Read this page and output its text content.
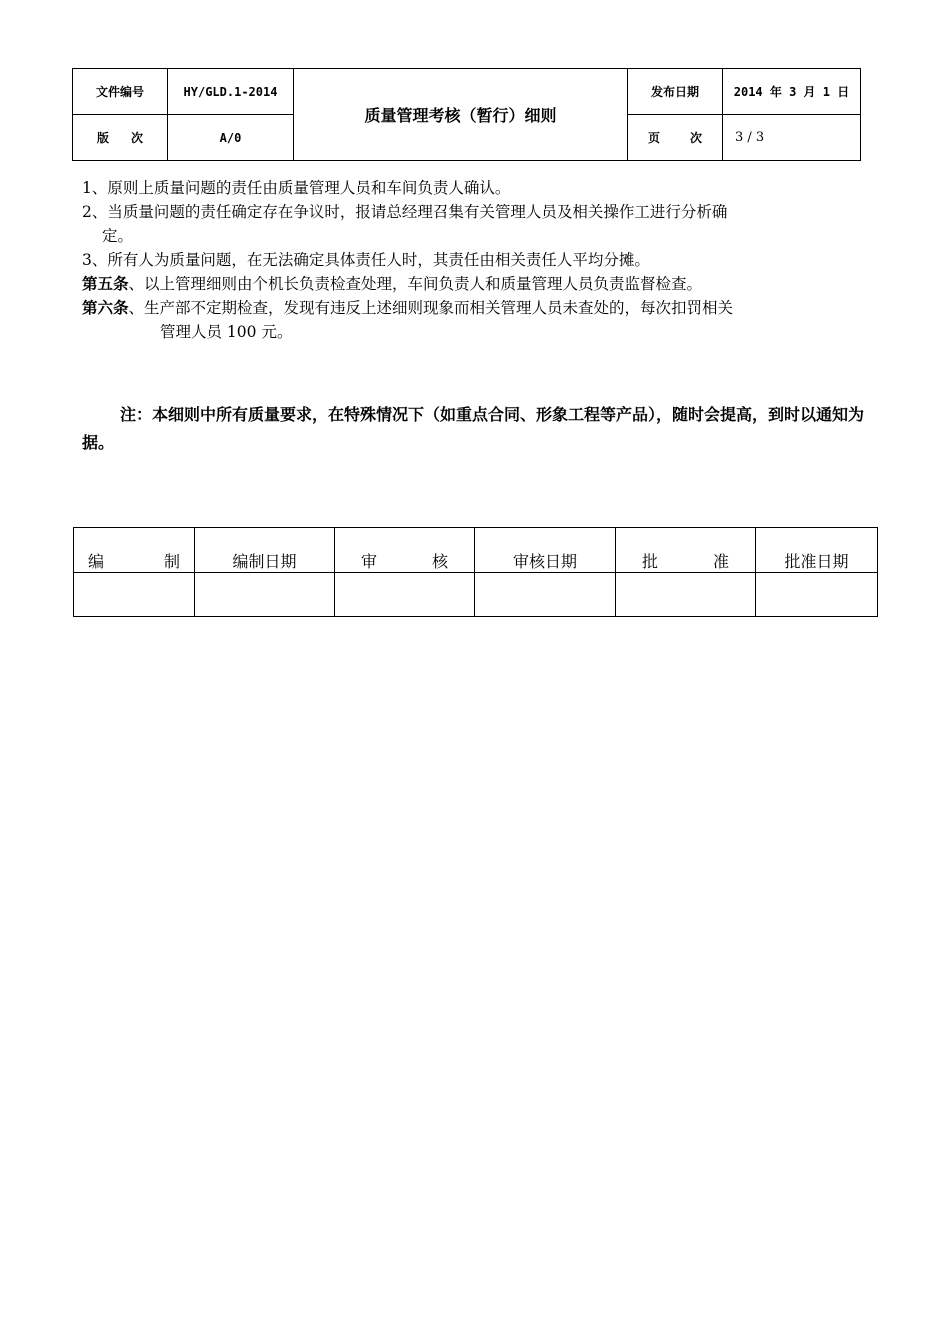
文件编号	HY/GLD.1-2014	质量管理考核（暂行）细则	发布日期	2014 年 3 月 1 日
版 次	A/0		页 次	3 / 3

1、原则上质量问题的责任由质量管理人员和车间负责人确认。

2、当质量问题的责任确定存在争议时，报请总经理召集有关管理人员及相关操作工进行分析确

定。

3、所有人为质量问题，在无法确定具体责任人时，其责任由相关责任人平均分摊。

第五条、以上管理细则由个机长负责检查处理，车间负责人和质量管理人员负责监督检查。

第六条、生产部不定期检查，发现有违反上述细则现象而相关管理人员未查处的，每次扣罚相关

管理人员 100 元。

注：本细则中所有质量要求，在特殊情况下（如重点合同、形象工程等产品），随时会提高，到时以通知为据。
编 制	编制日期	审 核	审核日期	批 准	批准日期
